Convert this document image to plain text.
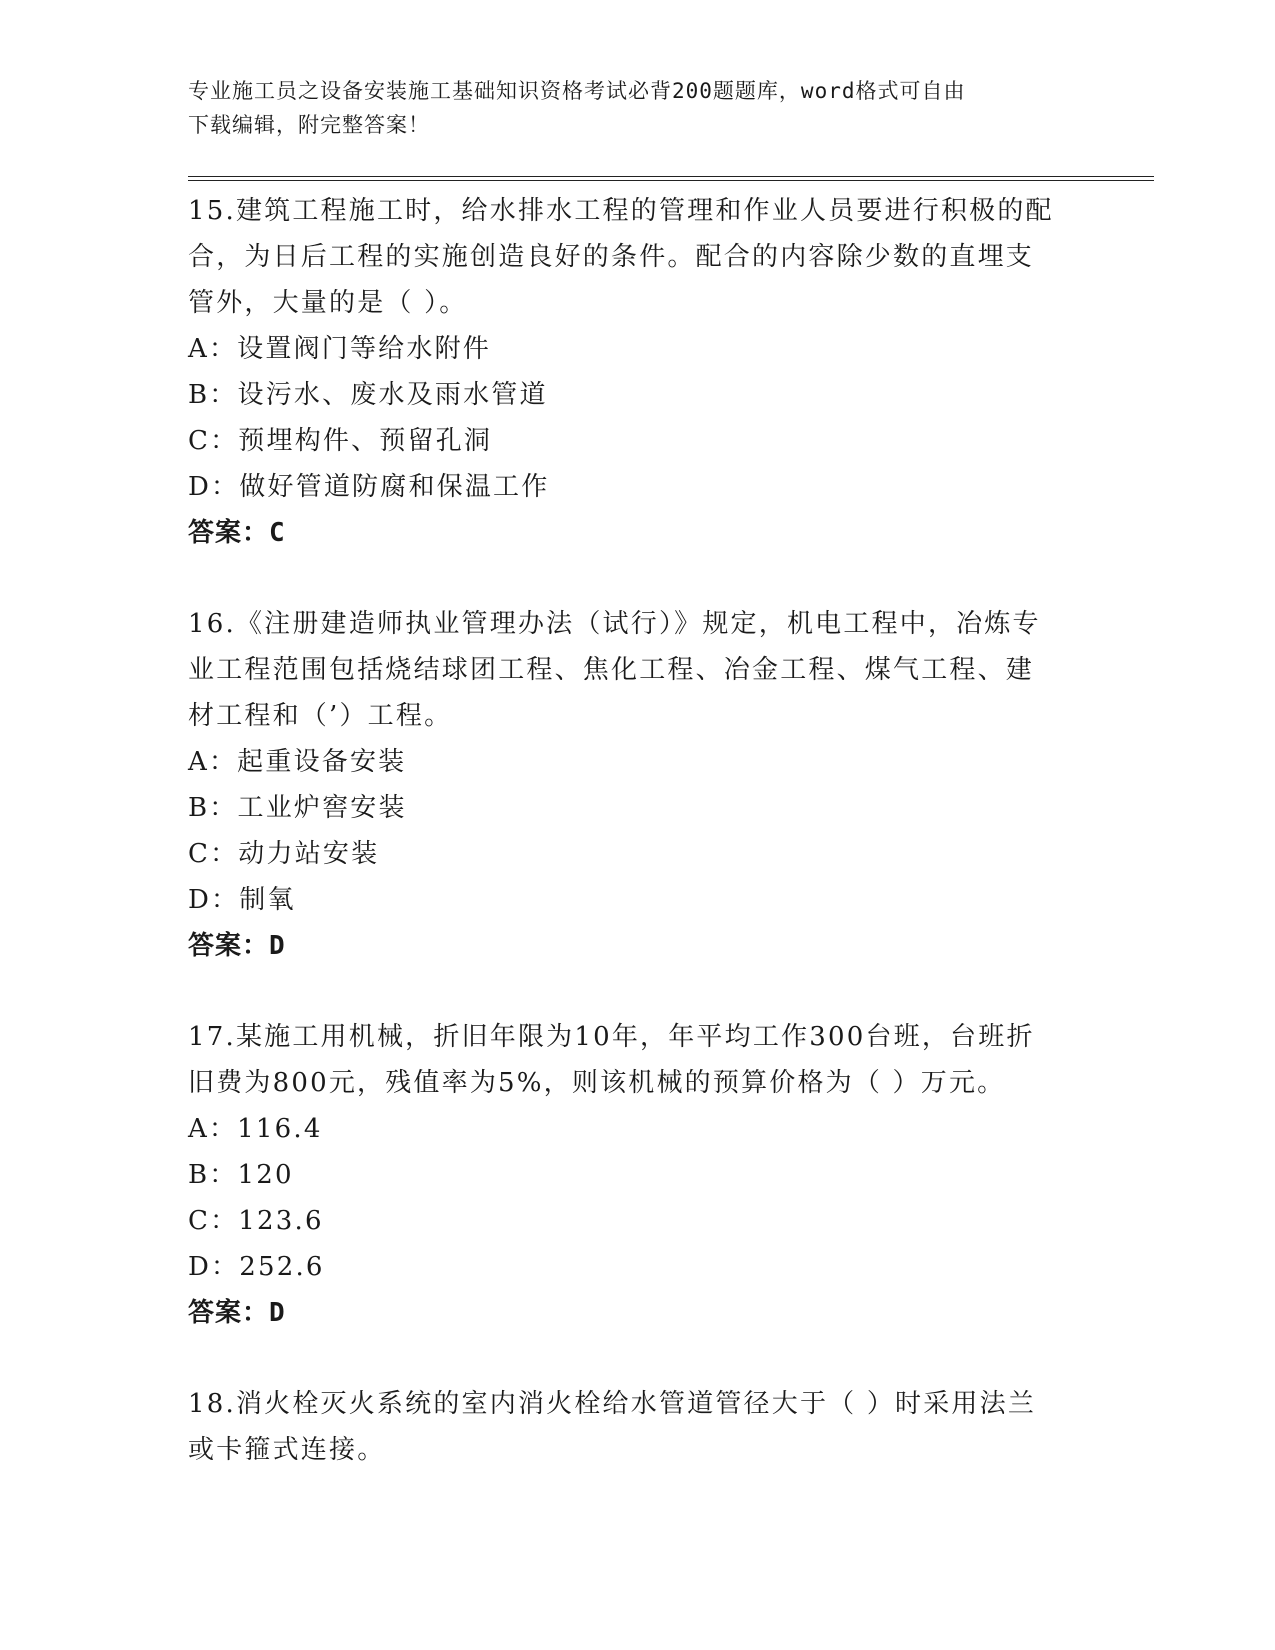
专业施工员之设备安装施工基础知识资格考试必背200题题库，word格式可自由
下载编辑，附完整答案！

15.建筑工程施工时，给水排水工程的管理和作业人员要进行积极的配

合，为日后工程的实施创造良好的条件。配合的内容除少数的直埋支

管外，大量的是（ ）。

A：设置阀门等给水附件

B：设污水、废水及雨水管道

C：预埋构件、预留孔洞

D：做好管道防腐和保温工作

答案：C

16.《注册建造师执业管理办法（试行）》规定，机电工程中，冶炼专

业工程范围包括烧结球团工程、焦化工程、冶金工程、煤气工程、建

材工程和（’）工程。

A：起重设备安装

B：工业炉窖安装

C：动力站安装

D：制氧

答案：D

17.某施工用机械，折旧年限为10年，年平均工作300台班，台班折

旧费为800元，残值率为5%，则该机械的预算价格为（ ）万元。

A：116.4

B：120

C：123.6

D：252.6

答案：D

18.消火栓灭火系统的室内消火栓给水管道管径大于（ ）时采用法兰

或卡箍式连接。
